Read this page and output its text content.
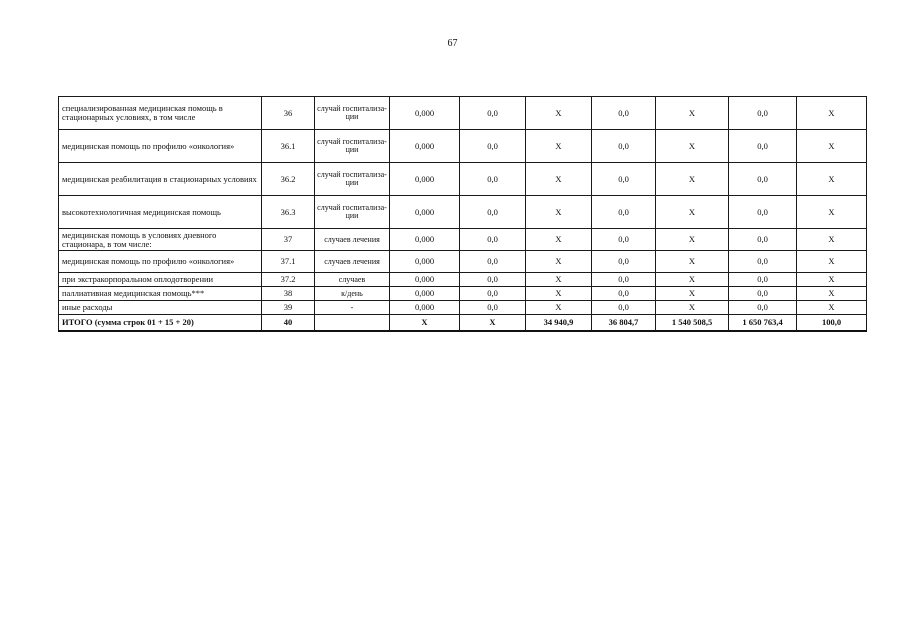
67
специализированная медицинская помощь в стационарных условиях, в том числе	36	случай госпитализа-ции	0,000	0,0	Х	0,0	Х	0,0	Х
медицинская помощь по профилю «онкология»	36.1	случай госпитализа-ции	0,000	0,0	Х	0,0	Х	0,0	Х
медицинская реабилитация в стационарных условиях	36.2	случай госпитализа-ции	0,000	0,0	Х	0,0	Х	0,0	Х
высокотехнологичная медицинская помощь	36.3	случай госпитализа-ции	0,000	0,0	Х	0,0	Х	0,0	Х
медицинская помощь в условиях дневного стационара, в том числе:	37	случаев лечения	0,000	0,0	Х	0,0	Х	0,0	Х
медицинская помощь по профилю «онкология»	37.1	случаев лечения	0,000	0,0	Х	0,0	Х	0,0	Х
при экстракорпоральном оплодотворении	37.2	случаев	0,000	0,0	Х	0,0	Х	0,0	Х
паллиативная медицинская помощь***	38	к/день	0,000	0,0	Х	0,0	Х	0,0	Х
иные расходы	39	-	0,000	0,0	Х	0,0	Х	0,0	Х
ИТОГО (сумма строк 01 + 15 + 20)	40		Х	Х	34 940,9	36 804,7	1 540 508,5	1 650 763,4	100,0
